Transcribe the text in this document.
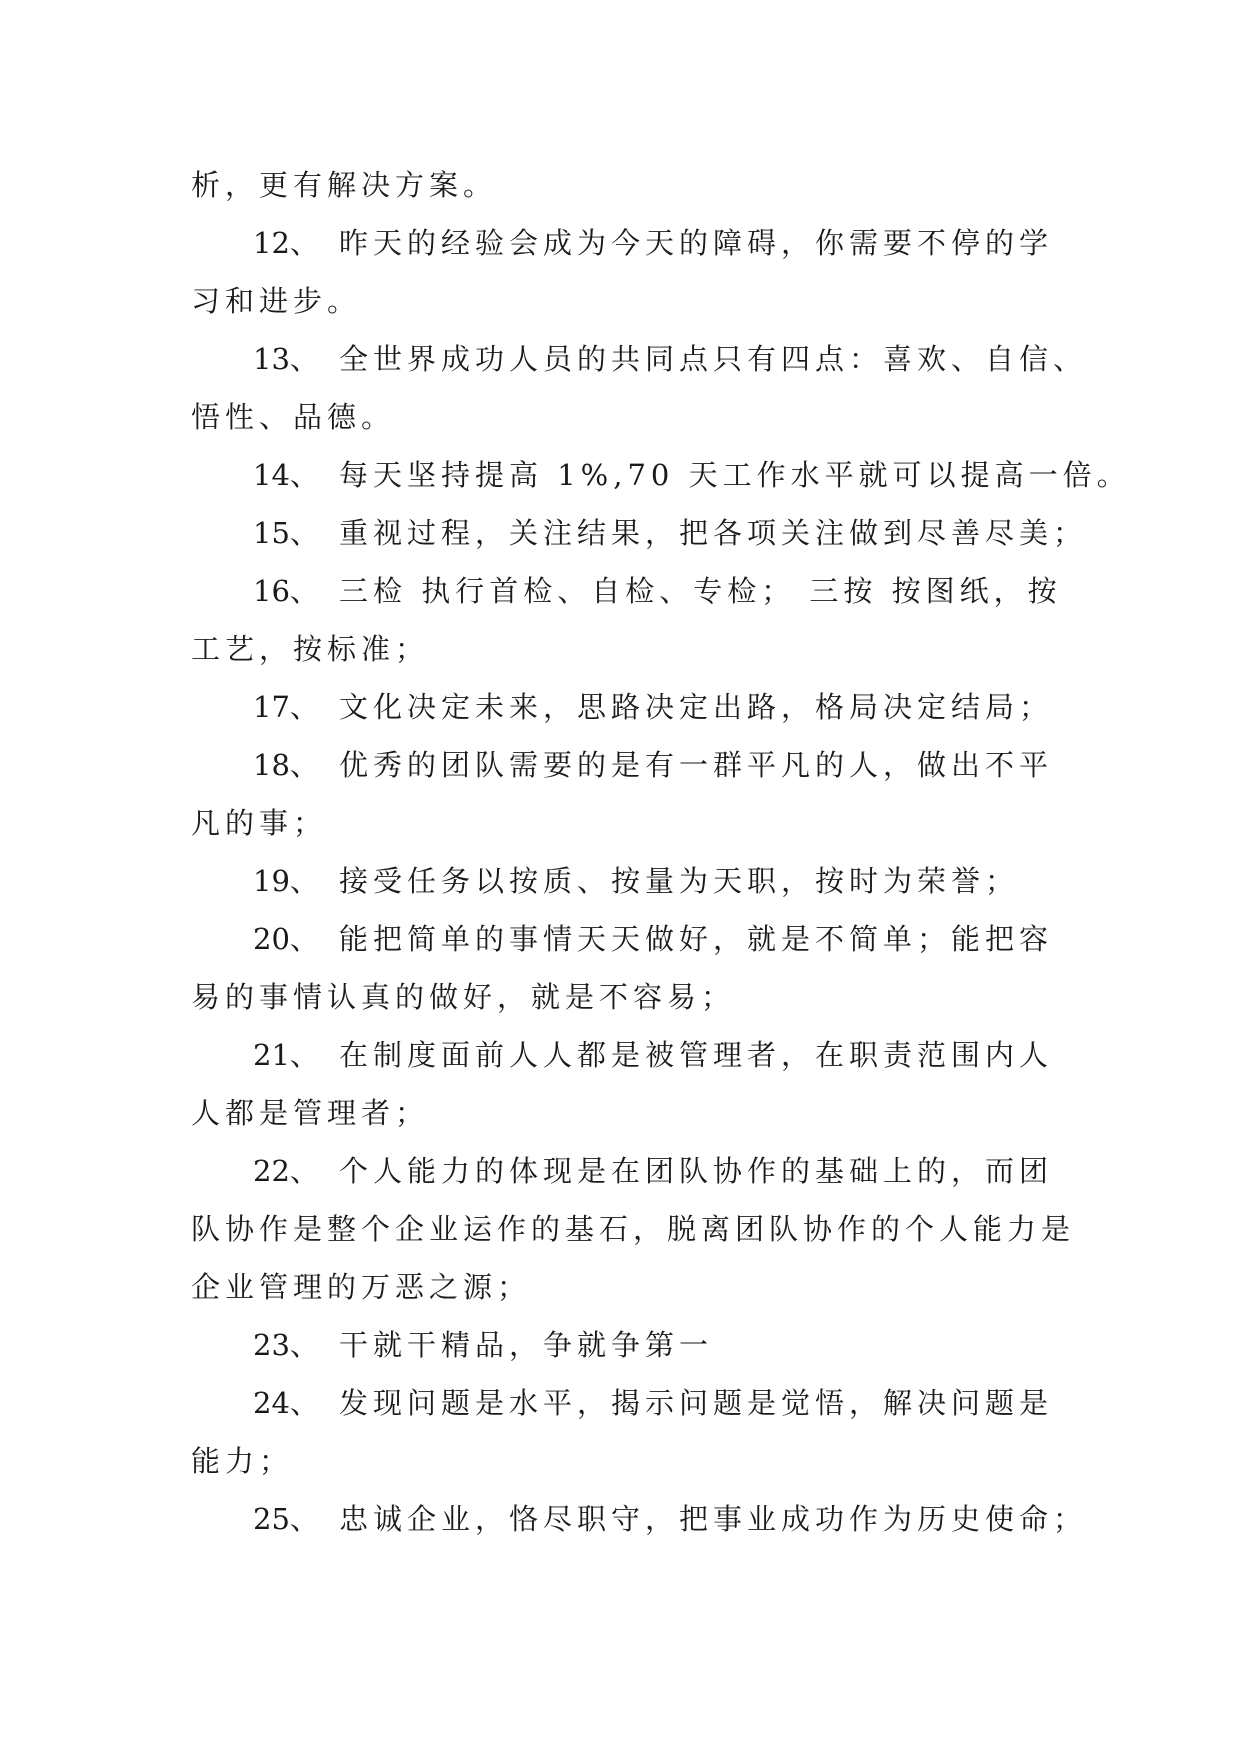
析，更有解决方案。
12、 昨天的经验会成为今天的障碍，你需要不停的学
习和进步。
13、 全世界成功人员的共同点只有四点：喜欢、自信、
悟性、品德。
14、 每天坚持提高 1%,70 天工作水平就可以提高一倍。
15、 重视过程，关注结果，把各项关注做到尽善尽美；
16、 三检 执行首检、自检、专检； 三按 按图纸，按
工艺，按标准；
17、 文化决定未来，思路决定出路，格局决定结局；
18、 优秀的团队需要的是有一群平凡的人，做出不平
凡的事；
19、 接受任务以按质、按量为天职，按时为荣誉；
20、 能把简单的事情天天做好，就是不简单；能把容
易的事情认真的做好，就是不容易；
21、 在制度面前人人都是被管理者，在职责范围内人
人都是管理者；
22、 个人能力的体现是在团队协作的基础上的，而团
队协作是整个企业运作的基石，脱离团队协作的个人能力是
企业管理的万恶之源；
23、 干就干精品，争就争第一
24、 发现问题是水平，揭示问题是觉悟，解决问题是
能力；
25、 忠诚企业，恪尽职守，把事业成功作为历史使命；
